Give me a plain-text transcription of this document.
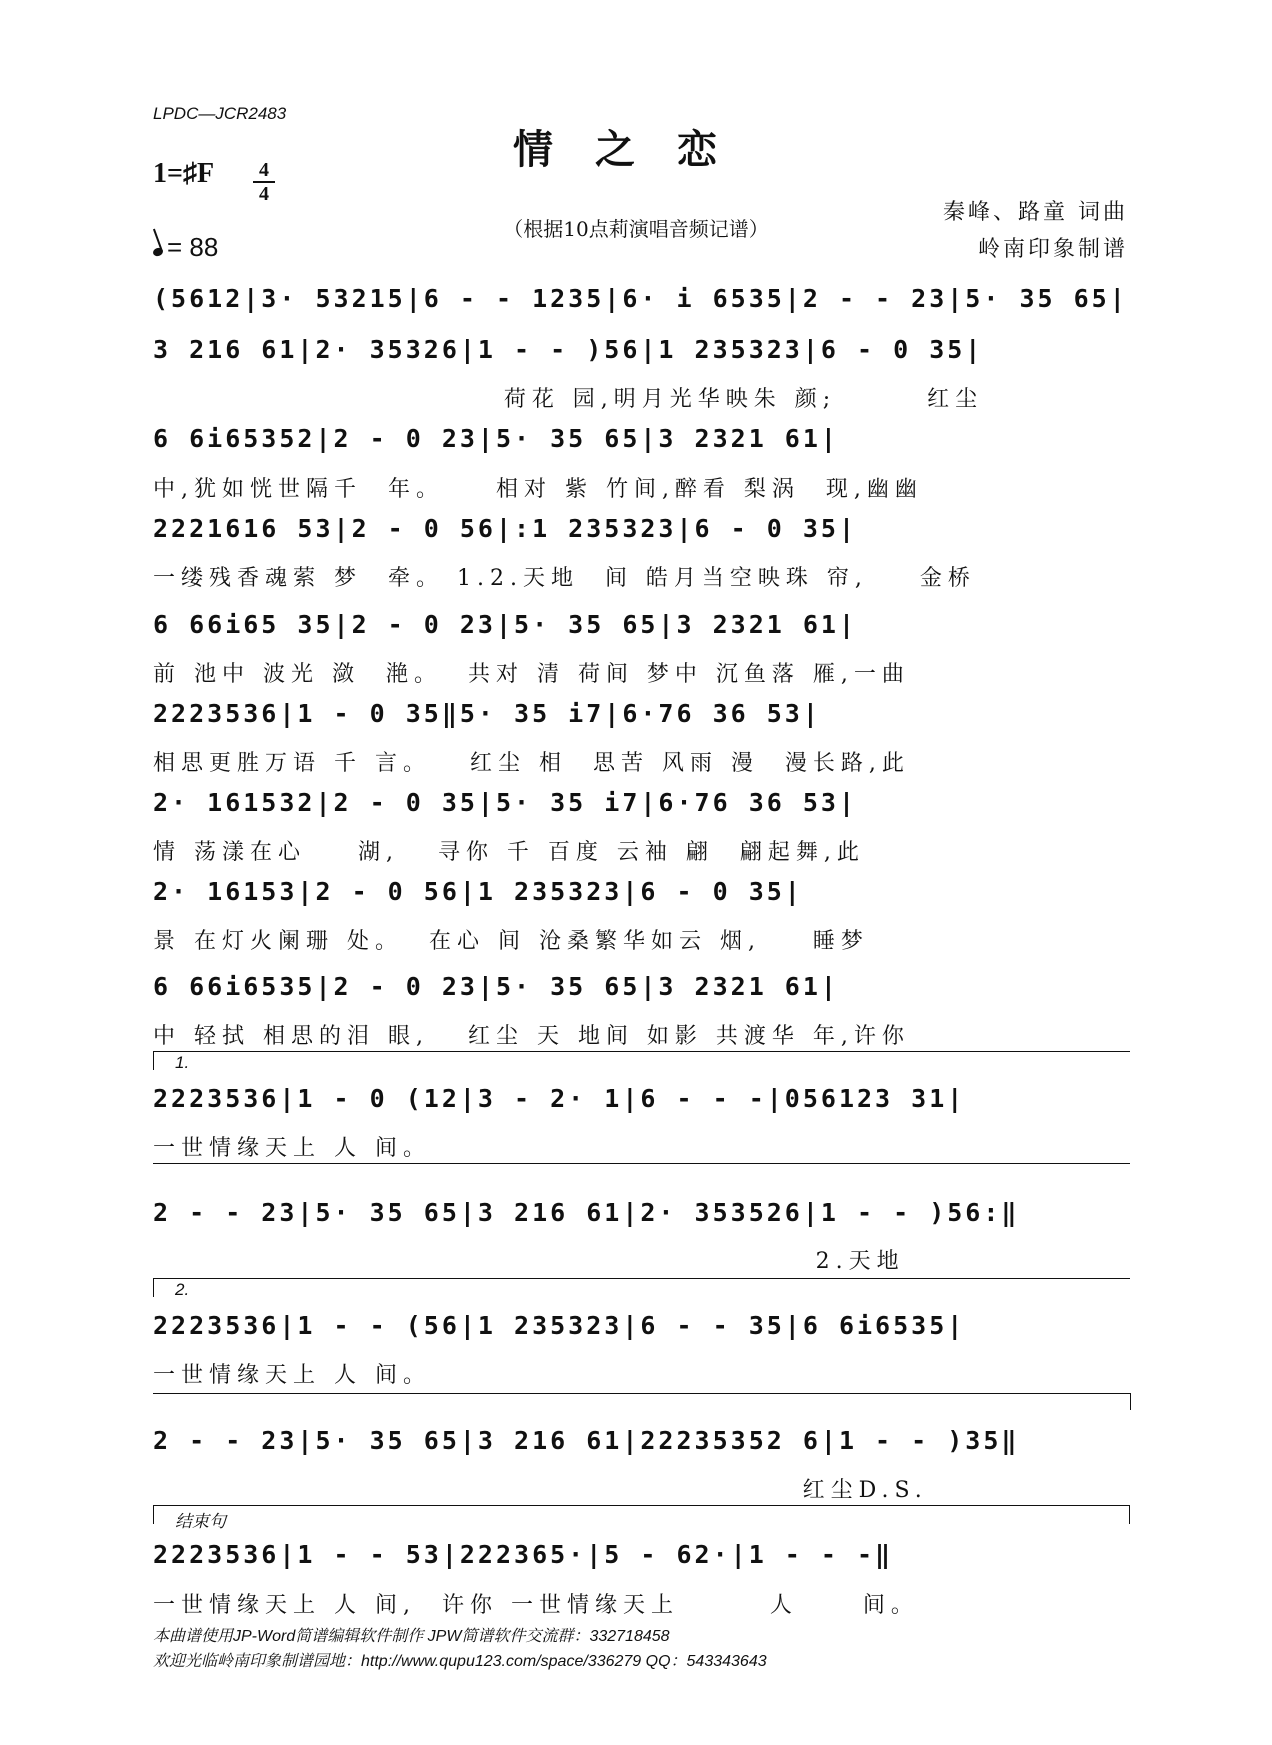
LPDC—JCR2483
情之恋
1=♯F	4
4
= 88
（根据10点莉演唱音频记谱）
秦峰、路童 词曲
岭南印象制谱
(5612|3· 53215|6 - - 1235|6· i 6535|2 - - 23|5· 35 65|
3 216 61|2· 35326|1 - - )56|1 235323|6 - 0 35|
荷花 园,明月光华映朱 颜;       红尘
6 6i65352|2 - 0 23|5· 35 65|3 2321 61|
中,犹如恍世隔千  年。    相对 紫 竹间,醉看 梨涡  现,幽幽
2221616 53|2 - 0 56|:1 235323|6 - 0 35|
一缕残香魂萦 梦  牵。 1.2.天地  间 皓月当空映珠 帘,    金桥
6 66i65 35|2 - 0 23|5· 35 65|3 2321 61|
前 池中 波光 潋  滟。  共对 清 荷间 梦中 沉鱼落 雁,一曲
2223536|1 - 0 35‖5· 35 i7|6·76 36 53|
相思更胜万语 千 言。   红尘 相  思苦 风雨 漫  漫长路,此
2· 161532|2 - 0 35|5· 35 i7|6·76 36 53|
情 荡漾在心    湖,   寻你 千 百度 云袖 翩  翩起舞,此
2· 16153|2 - 0 56|1 235323|6 - 0 35|
景 在灯火阑珊 处。  在心 间 沧桑繁华如云 烟,    睡梦
6 66i6535|2 - 0 23|5· 35 65|3 2321 61|
中 轻拭 相思的泪 眼,   红尘 天 地间 如影 共渡华 年,许你
1.
2223536|1 - 0 (12|3 - 2· 1|6 - - -|056123 31|
一世情缘天上 人 间。
2 - - 23|5· 35 65|3 216 61|2· 353526|1 - - )56:‖
2.天地
2.
2223536|1 - - (56|1 235323|6 - - 35|6 6i6535|
一世情缘天上 人 间。
2 - - 23|5· 35 65|3 216 61|22235352 6|1 - - )35‖
红尘D.S.
结束句
2223536|1 - - 53|222365·|5 - 62·|1 - - -‖
一世情缘天上 人 间,  许你 一世情缘天上       人     间。
本曲谱使用JP-Word简谱编辑软件制作 JPW简谱软件交流群：332718458
欢迎光临岭南印象制谱园地：http://www.qupu123.com/space/336279 QQ：543343643
